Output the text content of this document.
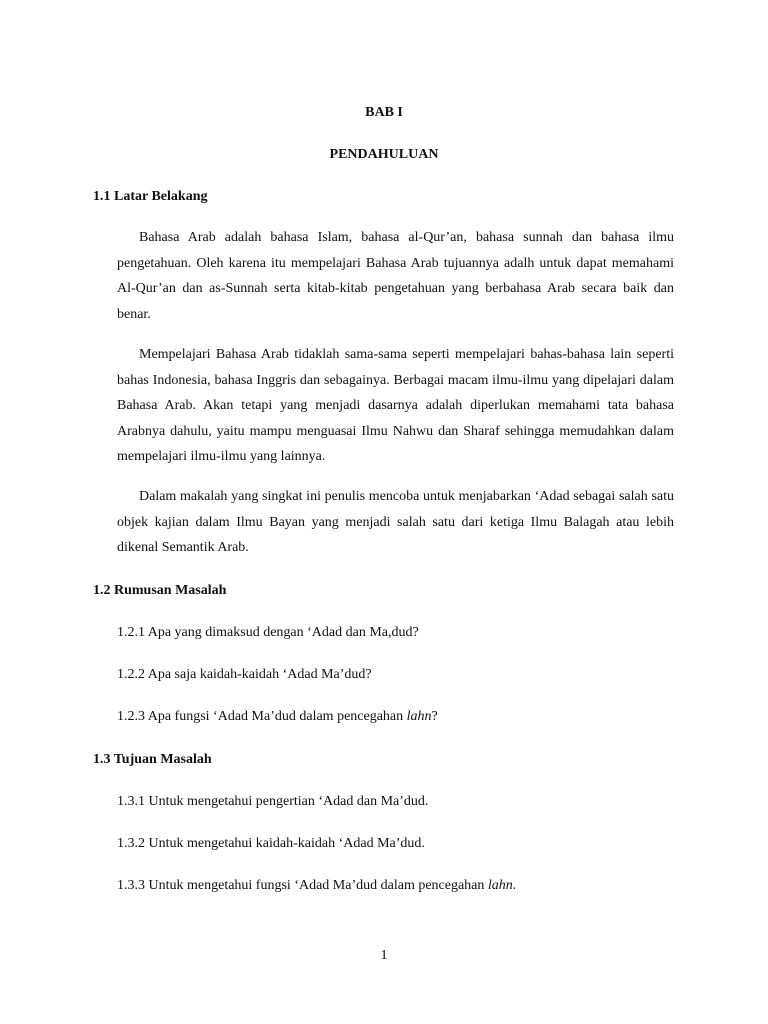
BAB I
PENDAHULUAN
1.1 Latar Belakang
Bahasa Arab adalah bahasa Islam, bahasa al-Qur’an, bahasa sunnah dan bahasa ilmu pengetahuan. Oleh karena itu mempelajari Bahasa Arab tujuannya adalh untuk dapat memahami Al-Qur’an dan as-Sunnah serta kitab-kitab pengetahuan yang berbahasa Arab secara baik dan benar.
Mempelajari Bahasa Arab tidaklah sama-sama seperti mempelajari bahas-bahasa lain seperti bahas Indonesia, bahasa Inggris dan sebagainya. Berbagai macam ilmu-ilmu yang dipelajari dalam Bahasa Arab. Akan tetapi yang menjadi dasarnya adalah diperlukan memahami tata bahasa Arabnya dahulu, yaitu mampu menguasai Ilmu Nahwu dan Sharaf sehingga memudahkan dalam mempelajari ilmu-ilmu yang lainnya.
Dalam makalah yang singkat ini penulis mencoba untuk menjabarkan ‘Adad sebagai salah satu objek kajian dalam Ilmu Bayan yang menjadi salah satu dari ketiga Ilmu Balagah atau lebih dikenal Semantik Arab.
1.2 Rumusan Masalah
1.2.1 Apa yang dimaksud dengan ‘Adad dan Ma,dud?
1.2.2 Apa saja kaidah-kaidah ‘Adad Ma’dud?
1.2.3 Apa fungsi ‘Adad Ma’dud dalam pencegahan lahn?
1.3 Tujuan Masalah
1.3.1 Untuk mengetahui pengertian ‘Adad dan Ma’dud.
1.3.2 Untuk mengetahui kaidah-kaidah ‘Adad Ma’dud.
1.3.3 Untuk mengetahui fungsi ‘Adad Ma’dud dalam pencegahan lahn.
1
